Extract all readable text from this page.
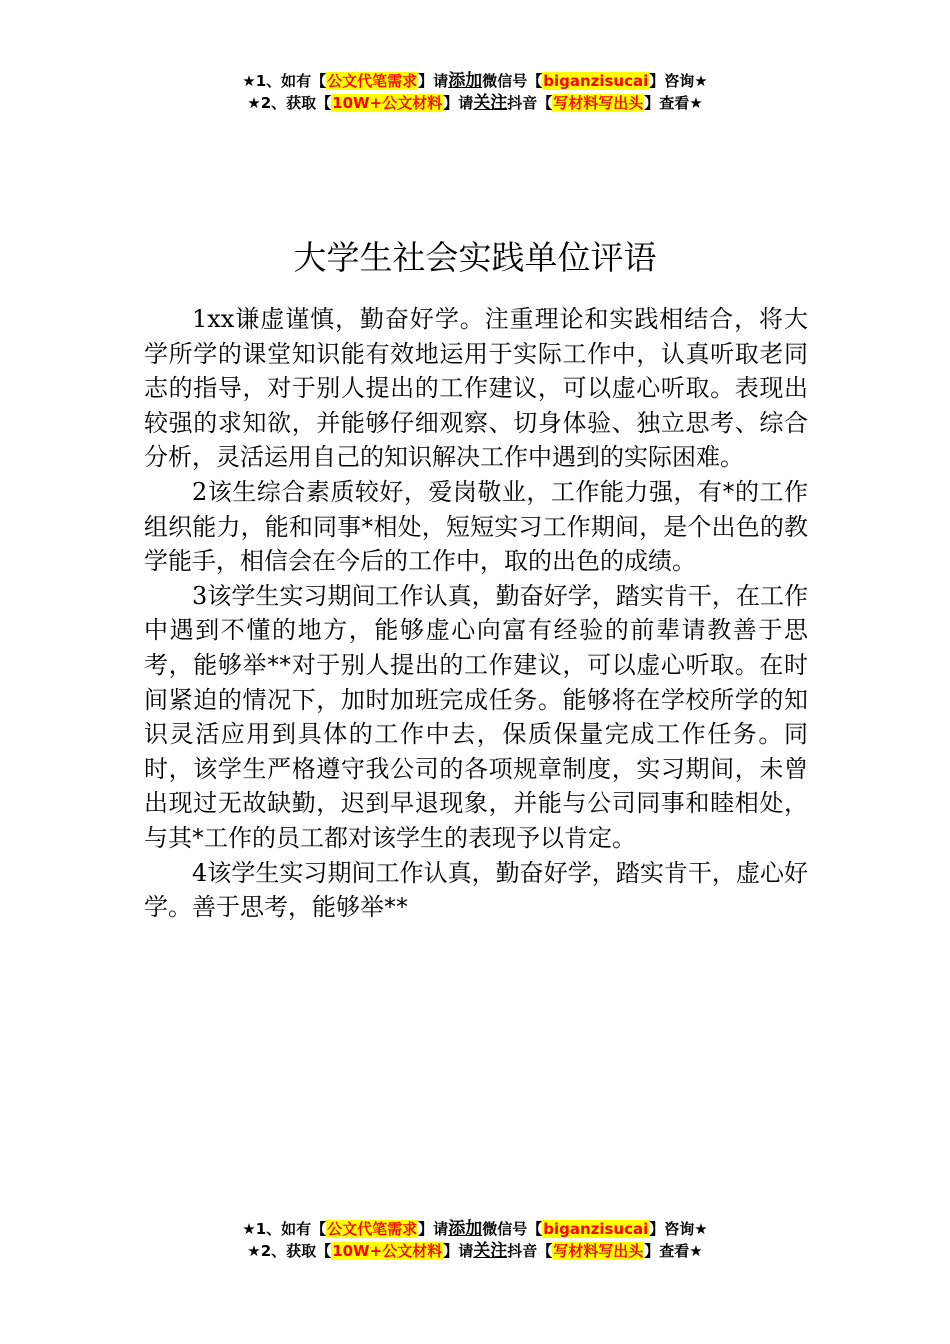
★1、如有【公文代笔需求】请添加微信号【biganzisucai】咨询★
★2、获取【10W+公文材料】请关注抖音【写材料写出头】查看★
大学生社会实践单位评语

1xx谦虚谨慎，勤奋好学。注重理论和实践相结合，将大学所学的课堂知识能有效地运用于实际工作中，认真听取老同志的指导，对于别人提出的工作建议，可以虚心听取。表现出较强的求知欲，并能够仔细观察、切身体验、独立思考、综合分析，灵活运用自己的知识解决工作中遇到的实际困难。

2该生综合素质较好，爱岗敬业，工作能力强，有*的工作组织能力，能和同事*相处，短短实习工作期间，是个出色的教学能手，相信会在今后的工作中，取的出色的成绩。

3该学生实习期间工作认真，勤奋好学，踏实肯干，在工作中遇到不懂的地方，能够虚心向富有经验的前辈请教善于思考，能够举**对于别人提出的工作建议，可以虚心听取。在时间紧迫的情况下，加时加班完成任务。能够将在学校所学的知识灵活应用到具体的工作中去，保质保量完成工作任务。同时，该学生严格遵守我公司的各项规章制度，实习期间，未曾出现过无故缺勤，迟到早退现象，并能与公司同事和睦相处，与其*工作的员工都对该学生的表现予以肯定。

4该学生实习期间工作认真，勤奋好学，踏实肯干，虚心好学。善于思考，能够举**

★1、如有【公文代笔需求】请添加微信号【biganzisucai】咨询★
★2、获取【10W+公文材料】请关注抖音【写材料写出头】查看★
